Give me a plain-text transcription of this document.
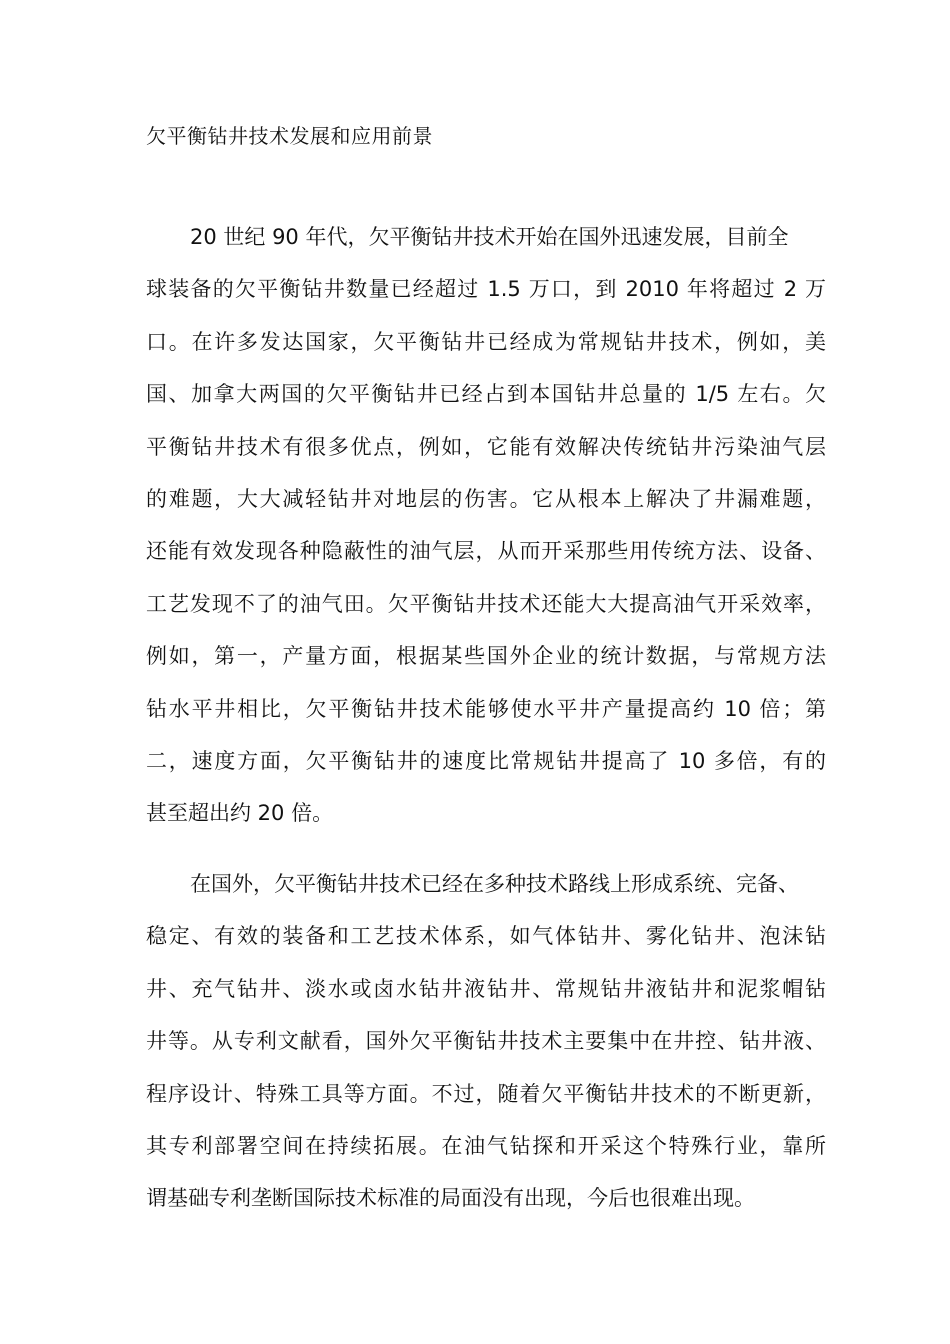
欠平衡钻井技术发展和应用前景
20 世纪 90 年代，欠平衡钻井技术开始在国外迅速发展，目前全
球装备的欠平衡钻井数量已经超过 1.5 万口，到 2010 年将超过 2 万
口。在许多发达国家，欠平衡钻井已经成为常规钻井技术，例如，美
国、加拿大两国的欠平衡钻井已经占到本国钻井总量的 1/5 左右。欠
平衡钻井技术有很多优点，例如，它能有效解决传统钻井污染油气层
的难题，大大减轻钻井对地层的伤害。它从根本上解决了井漏难题，
还能有效发现各种隐蔽性的油气层，从而开采那些用传统方法、设备、
工艺发现不了的油气田。欠平衡钻井技术还能大大提高油气开采效率，
例如，第一，产量方面，根据某些国外企业的统计数据，与常规方法
钻水平井相比，欠平衡钻井技术能够使水平井产量提高约 10 倍；第
二，速度方面，欠平衡钻井的速度比常规钻井提高了 10 多倍，有的
甚至超出约 20 倍。
在国外，欠平衡钻井技术已经在多种技术路线上形成系统、完备、
稳定、有效的装备和工艺技术体系，如气体钻井、雾化钻井、泡沫钻
井、充气钻井、淡水或卤水钻井液钻井、常规钻井液钻井和泥浆帽钻
井等。从专利文献看，国外欠平衡钻井技术主要集中在井控、钻井液、
程序设计、特殊工具等方面。不过，随着欠平衡钻井技术的不断更新，
其专利部署空间在持续拓展。在油气钻探和开采这个特殊行业，靠所
谓基础专利垄断国际技术标准的局面没有出现，今后也很难出现。
